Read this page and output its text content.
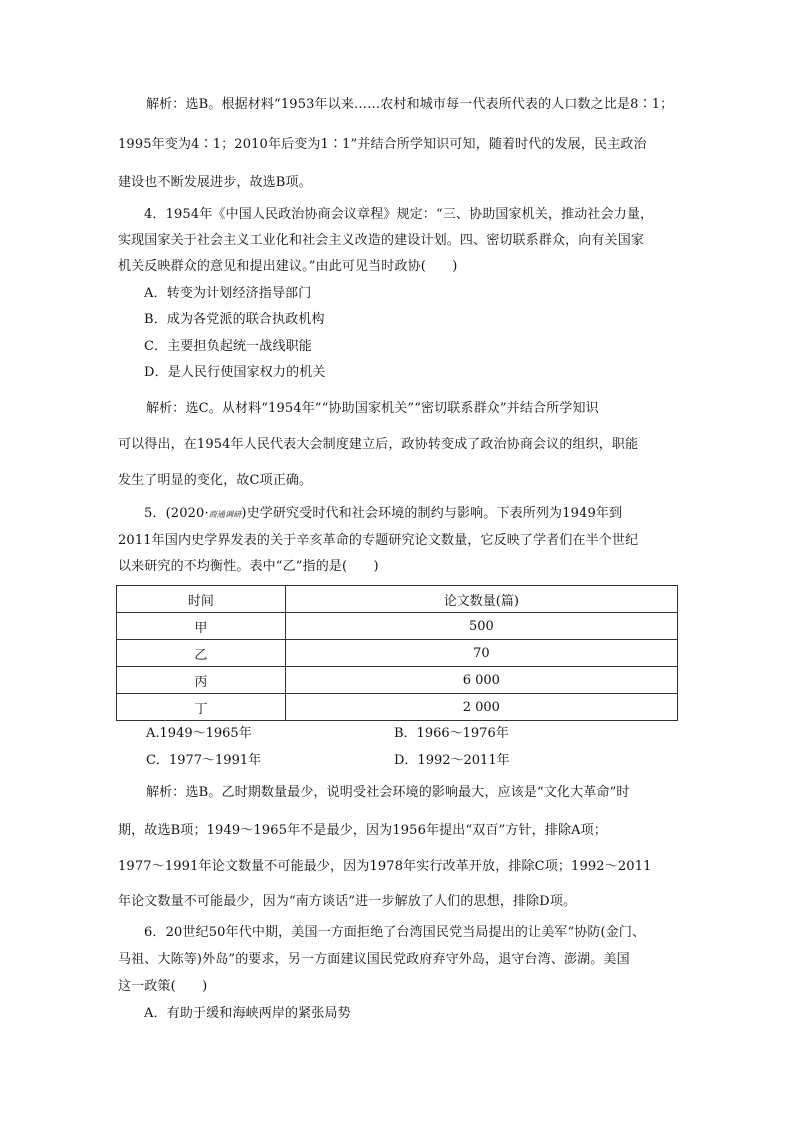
解析：选B。根据材料“1953年以来……农村和城市每一代表所代表的人口数之比是8∶1；
1995年变为4∶1；2010年后变为1∶1”并结合所学知识可知，随着时代的发展，民主政治
建设也不断发展进步，故选B项。
4．1954年《中国人民政治协商会议章程》规定：“三、协助国家机关，推动社会力量，
实现国家关于社会主义工业化和社会主义改造的建设计划。四、密切联系群众，向有关国家
机关反映群众的意见和提出建议。”由此可见当时政协(　　)
A．转变为计划经济指导部门
B．成为各党派的联合执政机构
C．主要担负起统一战线职能
D．是人民行使国家权力的机关
解析：选C。从材料“1954年”“协助国家机关”“密切联系群众”并结合所学知识
可以得出，在1954年人民代表大会制度建立后，政协转变成了政治协商会议的组织，职能
发生了明显的变化，故C项正确。
5．(2020·商通调研)史学研究受时代和社会环境的制约与影响。下表所列为1949年到
2011年国内史学界发表的关于辛亥革命的专题研究论文数量，它反映了学者们在半个世纪
以来研究的不均衡性。表中“乙”指的是(　　)
时间	论文数量(篇)
甲	500
乙	70
丙	6 000
丁	2 000
A.1949～1965年	B．1966～1976年
C．1977～1991年	D．1992～2011年
解析：选B。乙时期数量最少，说明受社会环境的影响最大，应该是“文化大革命”时
期，故选B项；1949～1965年不是最少，因为1956年提出“双百”方针，排除A项；
1977～1991年论文数量不可能最少，因为1978年实行改革开放，排除C项；1992～2011
年论文数量不可能最少，因为“南方谈话”进一步解放了人们的思想，排除D项。
6．20世纪50年代中期，美国一方面拒绝了台湾国民党当局提出的让美军“协防(金门、
马祖、大陈等)外岛”的要求，另一方面建议国民党政府弃守外岛，退守台湾、澎湖。美国
这一政策(　　)
A．有助于缓和海峡两岸的紧张局势
